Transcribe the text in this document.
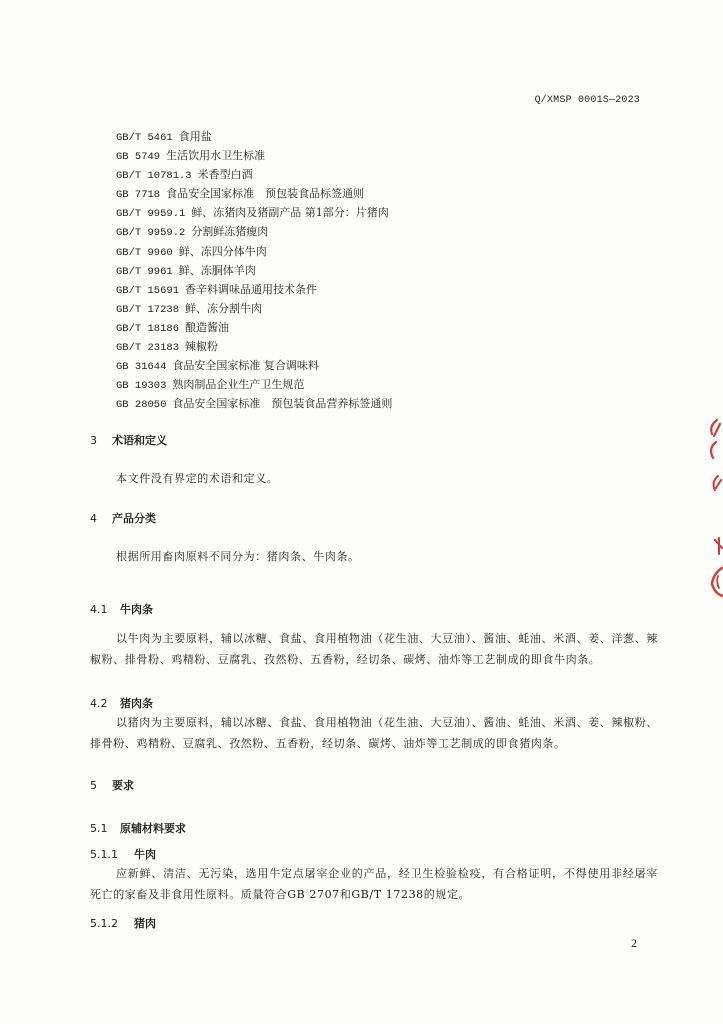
Q/XMSP 0001S—2023
GB/T 5461 食用盐
GB 5749 生活饮用水卫生标准
GB/T 10781.3 米香型白酒
GB 7718 食品安全国家标准　预包装食品标签通则
GB/T 9959.1 鲜、冻猪肉及猪副产品 第1部分：片猪肉
GB/T 9959.2 分割鲜冻猪瘦肉
GB/T 9960 鲜、冻四分体牛肉
GB/T 9961 鲜、冻胴体羊肉
GB/T 15691 香辛料调味品通用技术条件
GB/T 17238 鲜、冻分割牛肉
GB/T 18186 酿造酱油
GB/T 23183 辣椒粉
GB 31644 食品安全国家标准 复合调味料
GB 19303 熟肉制品企业生产卫生规范
GB 28050 食品安全国家标准　预包装食品营养标签通则
3 术语和定义

本文件没有界定的术语和定义。

4 产品分类

根据所用畜肉原料不同分为：猪肉条、牛肉条。

4.1 牛肉条

以牛肉为主要原料，辅以冰糖、食盐、食用植物油（花生油、大豆油）、酱油、蚝油、米酒、姜、洋葱、辣椒粉、排骨粉、鸡精粉、豆腐乳、孜然粉、五香粉，经切条、碳烤、油炸等工艺制成的即食牛肉条。

4.2 猪肉条

以猪肉为主要原料，辅以冰糖、食盐、食用植物油（花生油、大豆油）、酱油、蚝油、米酒、姜、辣椒粉、排骨粉、鸡精粉、豆腐乳、孜然粉、五香粉，经切条、碳烤、油炸等工艺制成的即食猪肉条。

5 要求
5.1 原辅材料要求
5.1.1 牛肉

应新鲜、清洁、无污染，选用牛定点屠宰企业的产品，经卫生检验检疫，有合格证明，不得使用非经屠宰死亡的家畜及非食用性原料。质量符合GB 2707和GB/T 17238的规定。

5.1.2 猪肉
2
